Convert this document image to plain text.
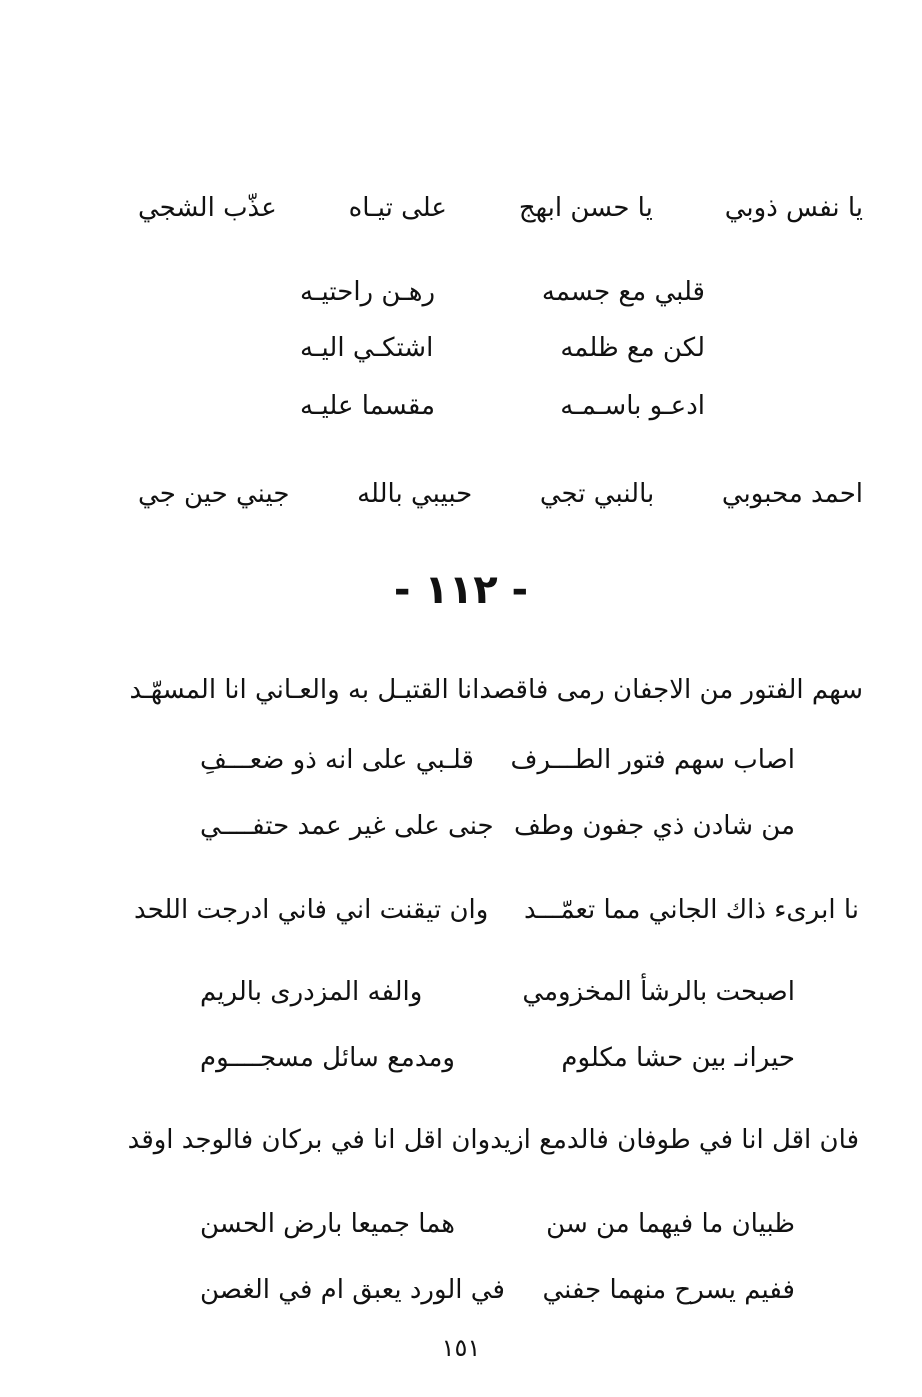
يا نفس ذوبي
يا حسن ابهج
على تيـاه
عذّب الشجي
قلبي مع جسمه
رهـن راحتيـه
لكن مع ظلمه
اشتكـي اليـه
ادعـو باسـمـه
مقسما عليـه
احمد محبوبي
بالنبي تجي
حبيبي بالله
جيني حين جي
- ١١٢ -
سهم الفتور من الاجفان رمى فاقصد
انا القتيـل به والعـاني انا المسهّـد
اصاب سهم فتور الطـــرف
قلـبي على انه ذو ضعـــفِ
من شادن ذي جفون وطف
جنى على غير عمد حتفــــي
نا ابرىء ذاك الجاني مما تعمّـــد
وان تيقنت اني فاني ادرجت اللحد
اصبحت بالرشأ المخزومي
والفه المزدرى بالريم
حيرانـ بين حشا مكلوم
ومدمع سائل مسجــــوم
فان اقل انا في طوفان فالدمع ازيد
وان اقل انا في بركان فالوجد اوقد
ظبيان ما فيهما من سن
هما جميعا بارض الحسن
ففيم يسرح منهما جفني
في الورد يعبق ام في الغصن
١٥١
